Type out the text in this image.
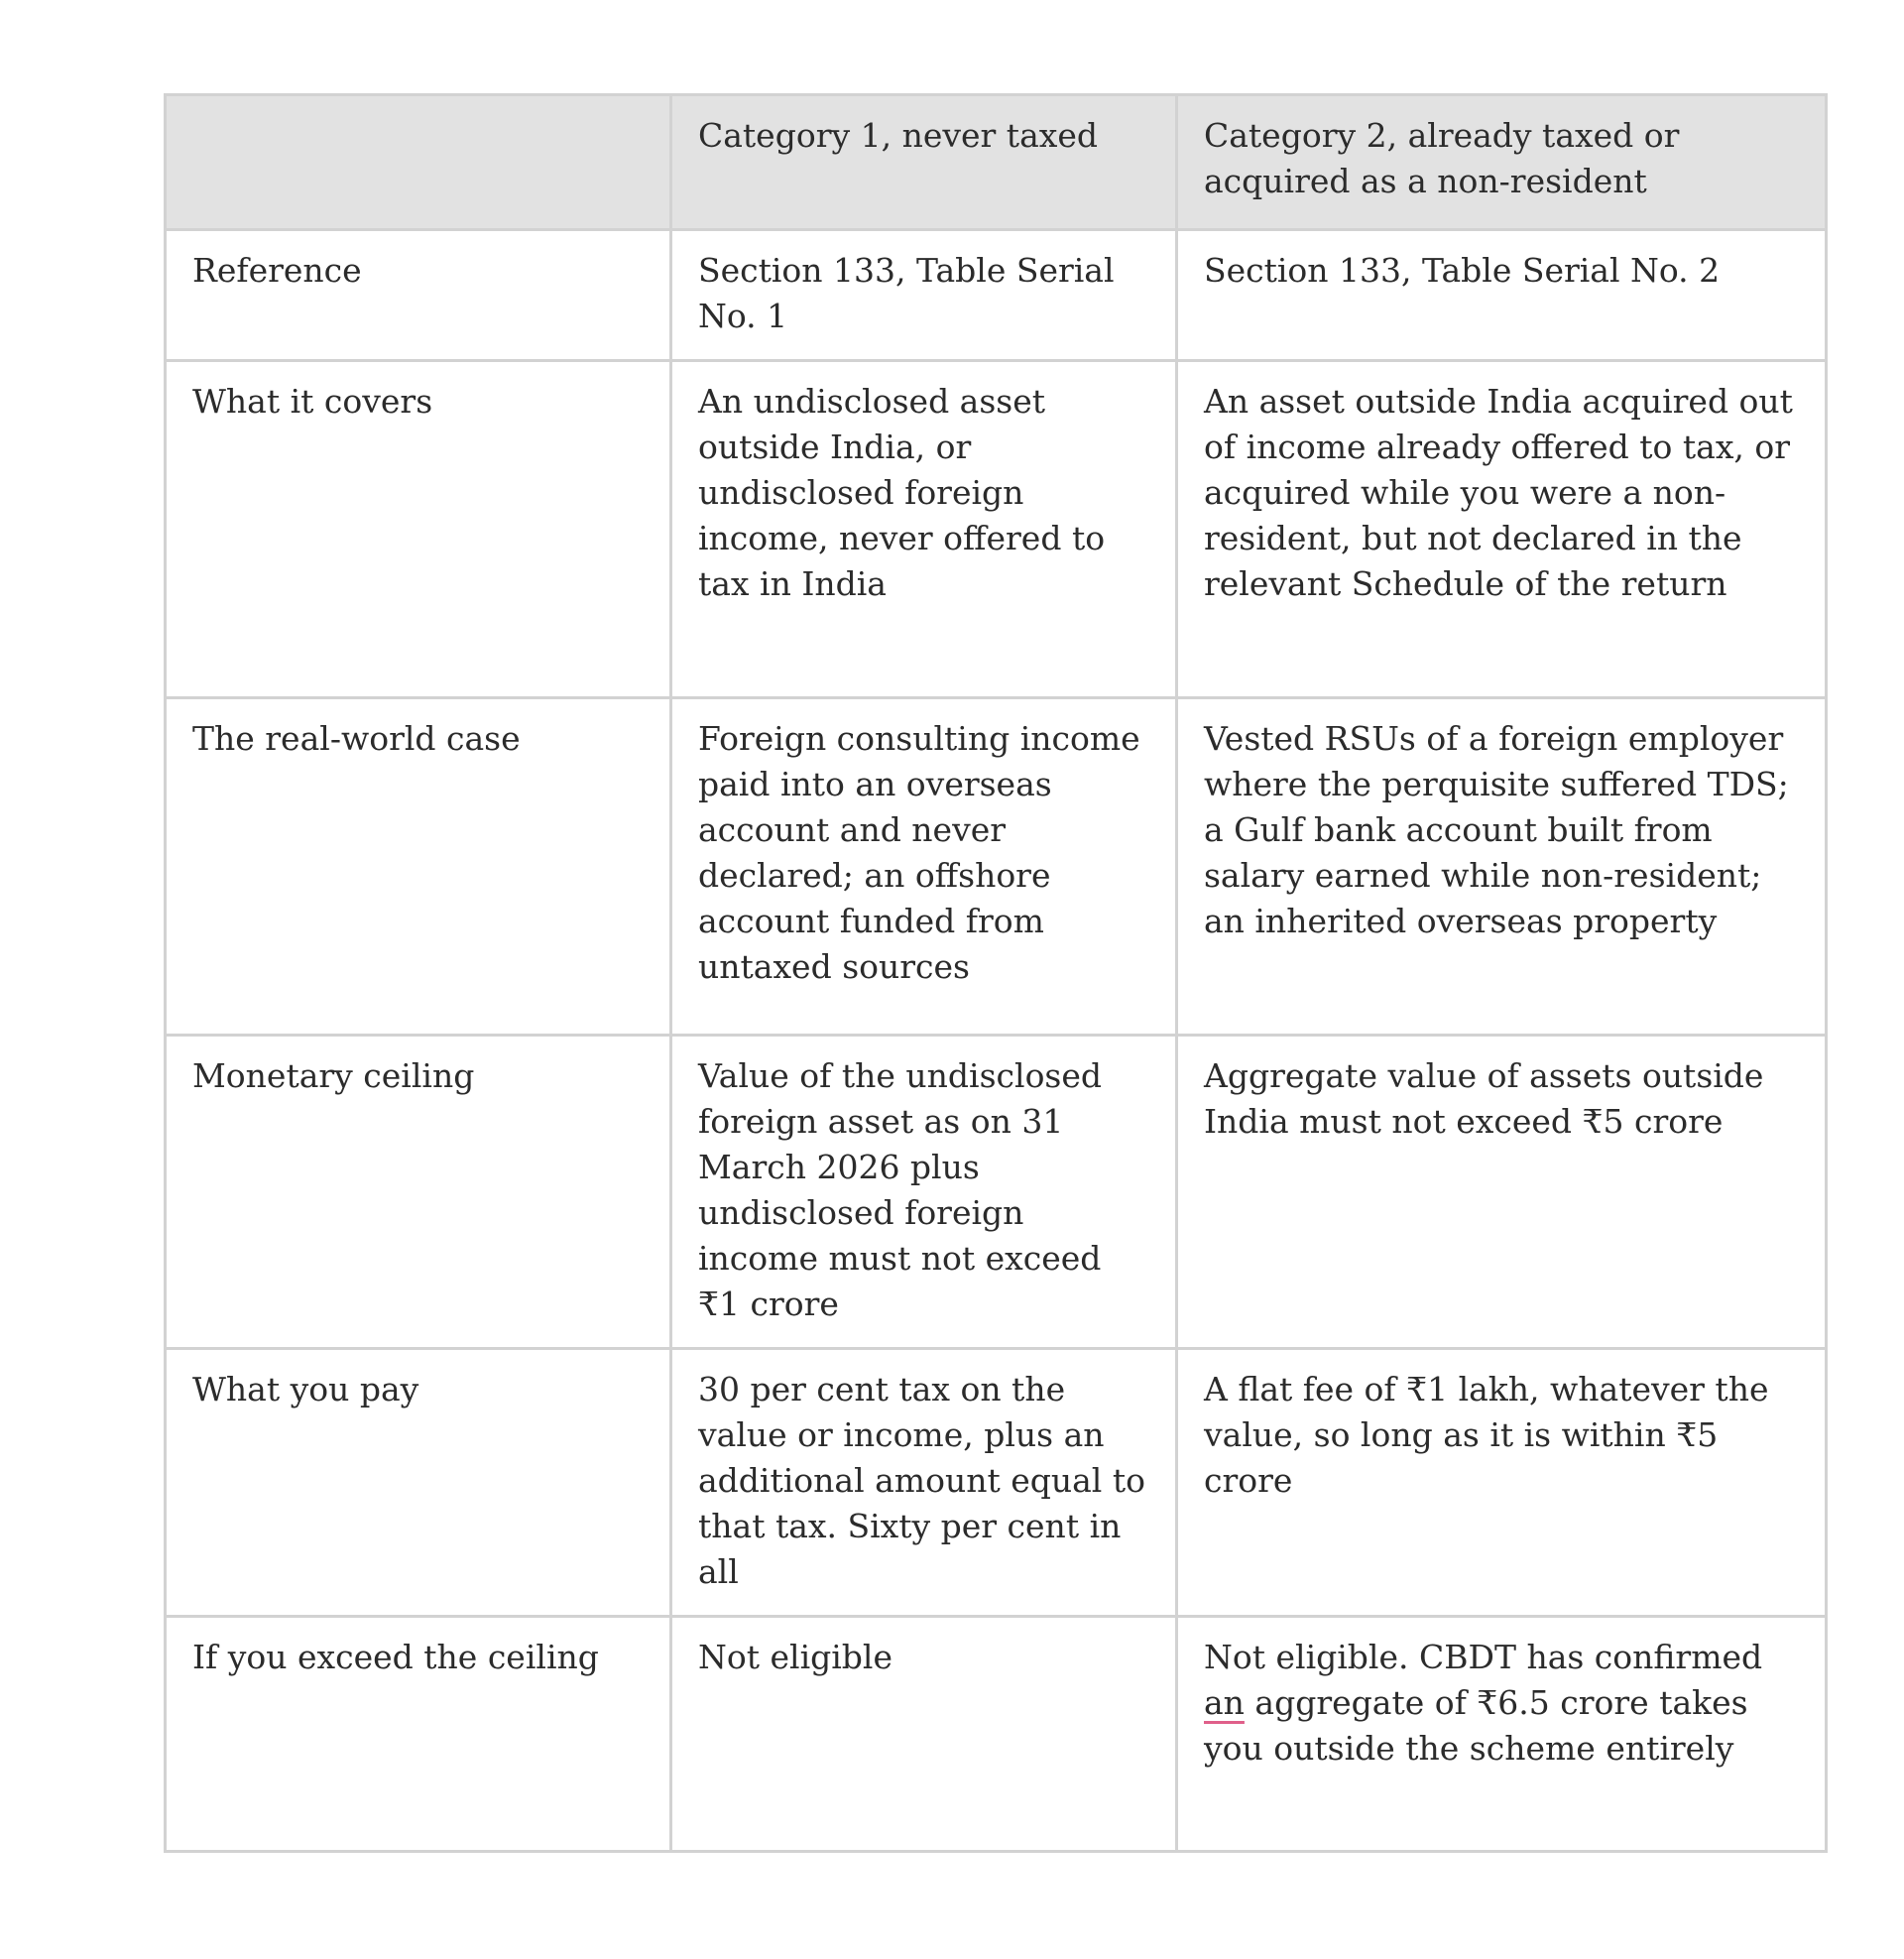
	Category 1, never taxed	Category 2, already taxed or acquired as a non-resident
Reference	Section 133, Table Serial No. 1	Section 133, Table Serial No. 2
What it covers	An undisclosed asset outside India, or undisclosed foreign income, never offered to tax in India	An asset outside India acquired out of income already offered to tax, or acquired while you were a non-resident, but not declared in the relevant Schedule of the return
The real-world case	Foreign consulting income paid into an overseas account and never declared; an offshore account funded from untaxed sources	Vested RSUs of a foreign employer where the perquisite suffered TDS; a Gulf bank account built from salary earned while non-resident; an inherited overseas property
Monetary ceiling	Value of the undisclosed foreign asset as on 31 March 2026 plus undisclosed foreign income must not exceed ₹1 crore	Aggregate value of assets outside India must not exceed ₹5 crore
What you pay	30 per cent tax on the value or income, plus an additional amount equal to that tax. Sixty per cent in all	A flat fee of ₹1 lakh, whatever the value, so long as it is within ₹5 crore
If you exceed the ceiling	Not eligible	Not eligible. CBDT has confirmed an aggregate of ₹6.5 crore takes you outside the scheme entirely
